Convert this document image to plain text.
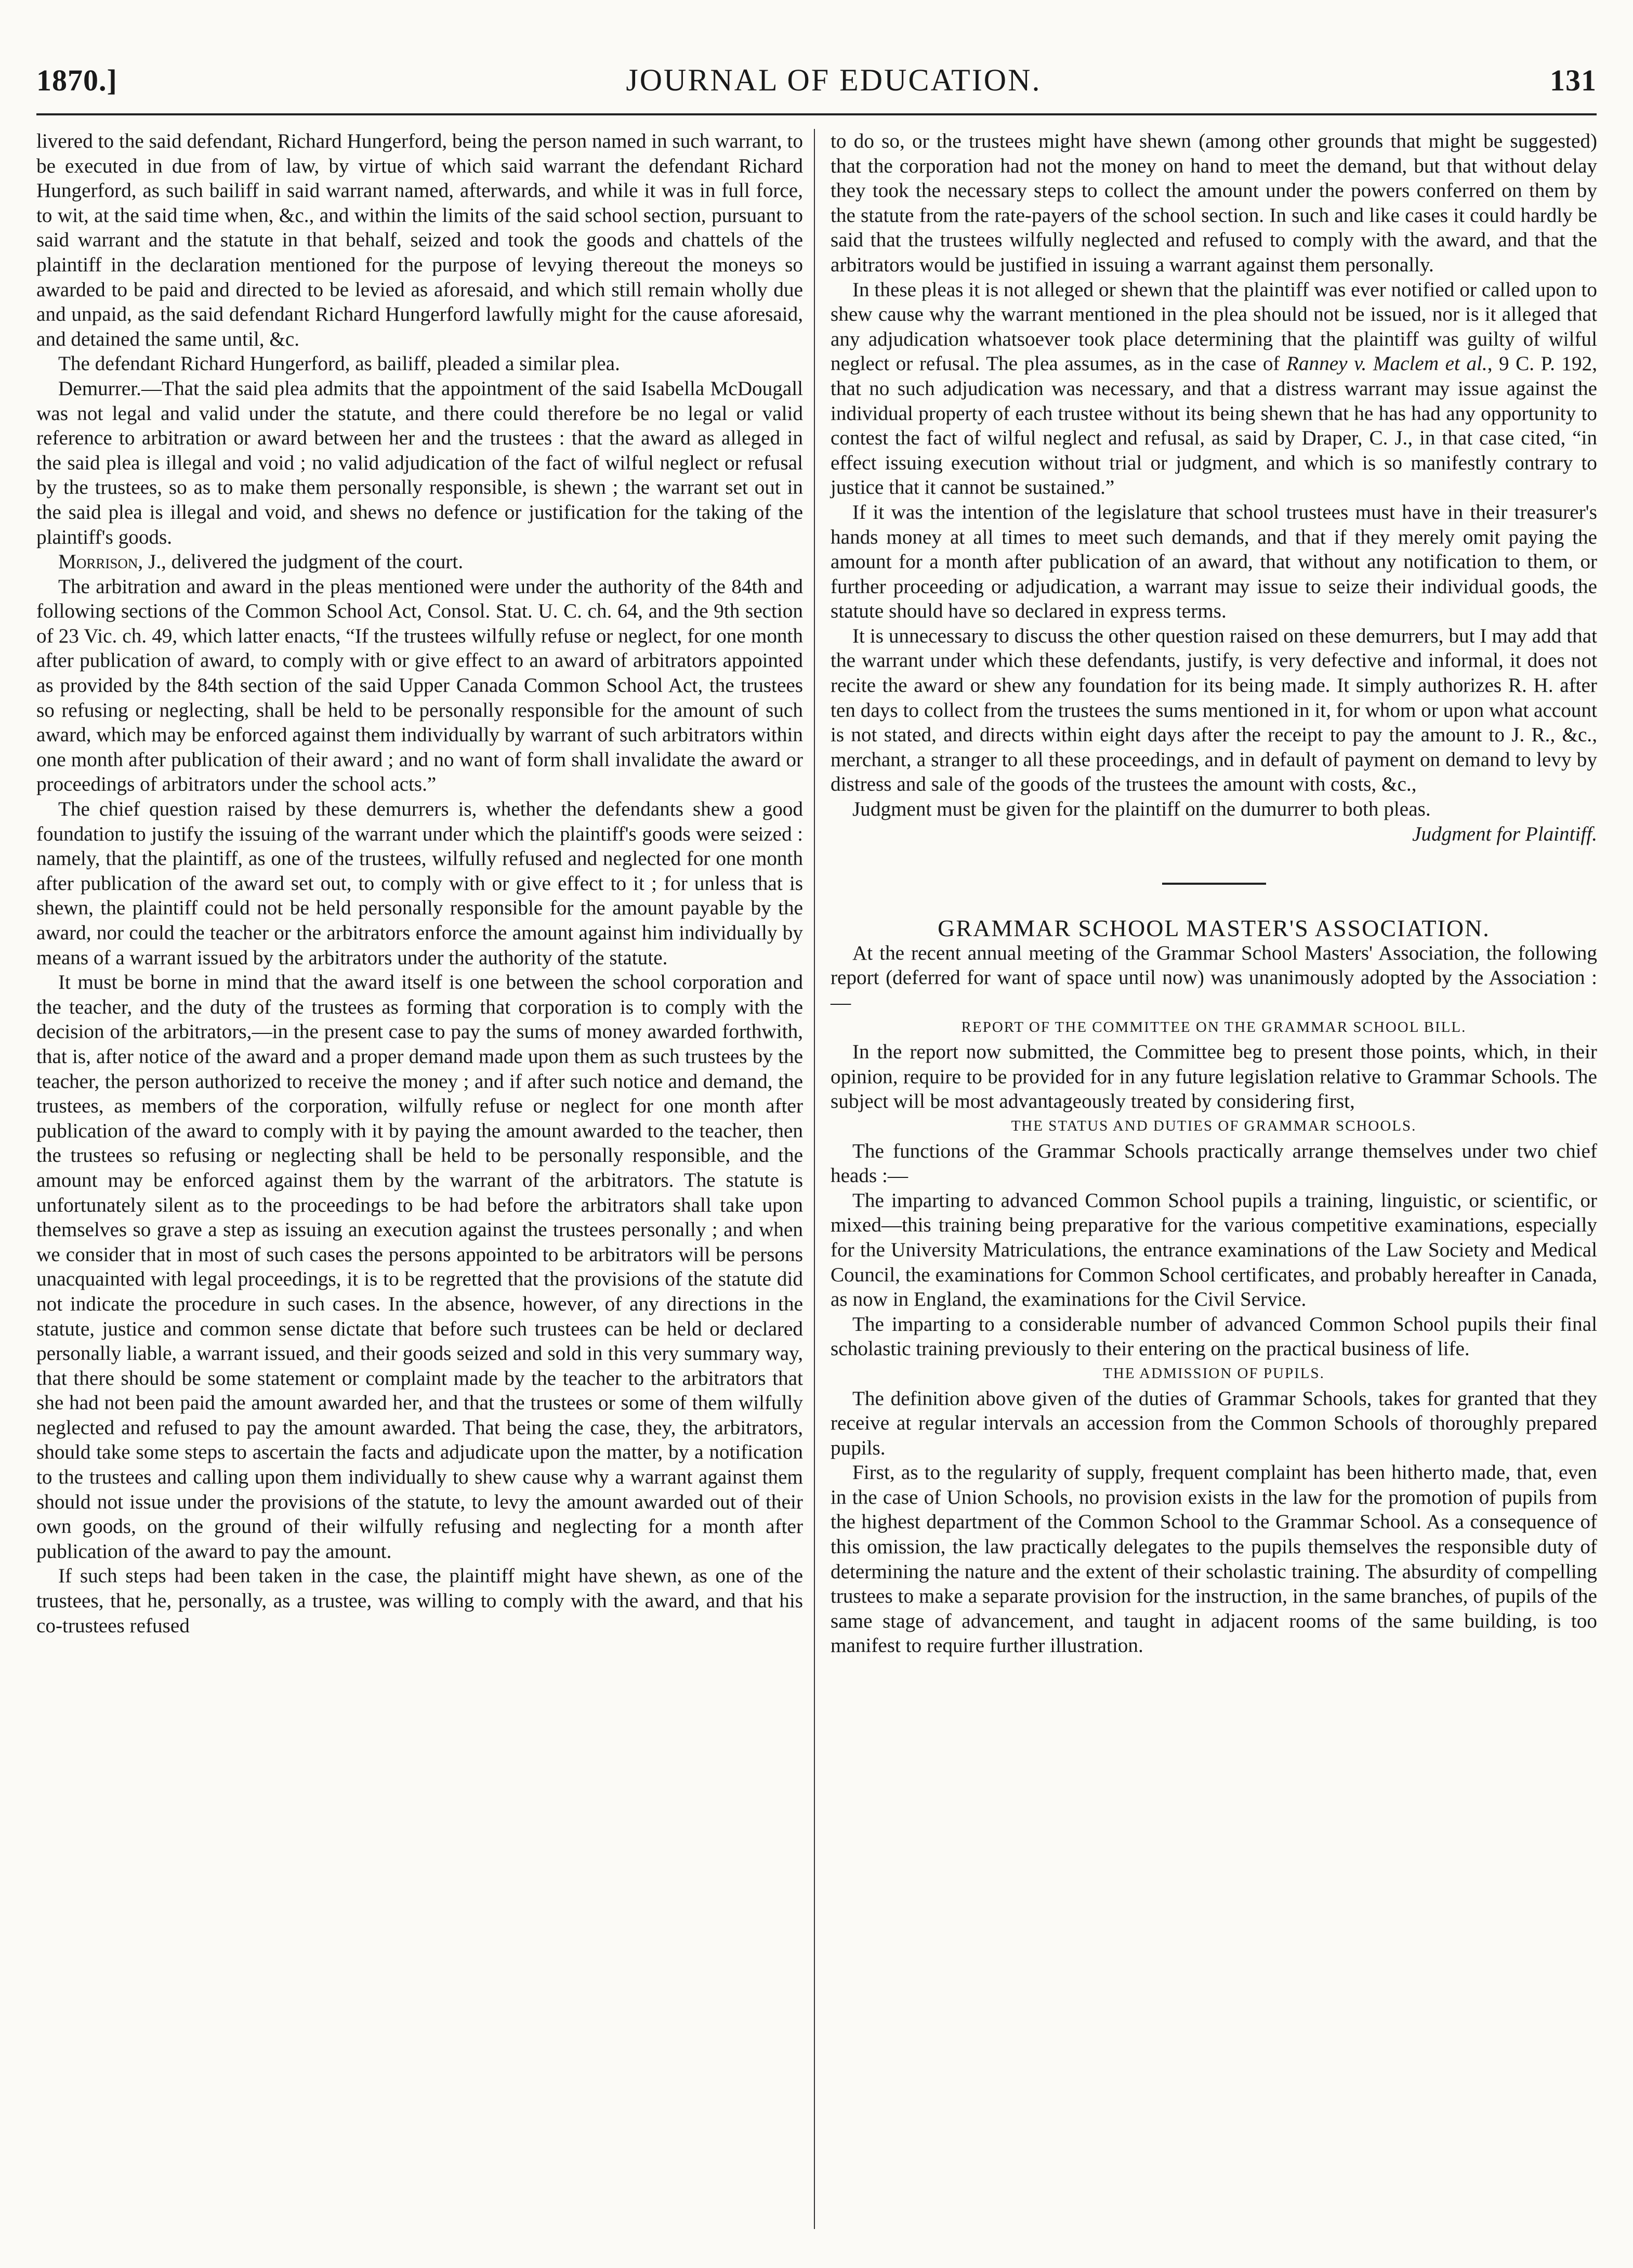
1870.]	JOURNAL OF EDUCATION.	131

livered to the said defendant, Richard Hungerford, being the person named in such warrant, to be executed in due from of law, by virtue of which said warrant the defendant Richard Hungerford, as such bailiff in said warrant named, afterwards, and while it was in full force, to wit, at the said time when, &c., and within the limits of the said school section, pursuant to said warrant and the statute in that behalf, seized and took the goods and chattels of the plaintiff in the declaration mentioned for the purpose of levying thereout the moneys so awarded to be paid and directed to be levied as aforesaid, and which still remain wholly due and unpaid, as the said defendant Richard Hungerford lawfully might for the cause aforesaid, and detained the same until, &c.

The defendant Richard Hungerford, as bailiff, pleaded a similar plea.

Demurrer.—That the said plea admits that the appointment of the said Isabella McDougall was not legal and valid under the statute, and there could therefore be no legal or valid reference to arbitration or award between her and the trustees : that the award as alleged in the said plea is illegal and void ; no valid adjudication of the fact of wilful neglect or refusal by the trustees, so as to make them personally responsible, is shewn ; the warrant set out in the said plea is illegal and void, and shews no defence or justification for the taking of the plaintiff's goods.

Morrison, J., delivered the judgment of the court.

The arbitration and award in the pleas mentioned were under the authority of the 84th and following sections of the Common School Act, Consol. Stat. U. C. ch. 64, and the 9th section of 23 Vic. ch. 49, which latter enacts, “If the trustees wilfully refuse or neglect, for one month after publication of award, to comply with or give effect to an award of arbitrators appointed as provided by the 84th section of the said Upper Canada Common School Act, the trustees so refusing or neglecting, shall be held to be personally responsible for the amount of such award, which may be enforced against them individually by warrant of such arbitrators within one month after publication of their award ; and no want of form shall invalidate the award or proceedings of arbitrators under the school acts.”

The chief question raised by these demurrers is, whether the defendants shew a good foundation to justify the issuing of the warrant under which the plaintiff's goods were seized : namely, that the plaintiff, as one of the trustees, wilfully refused and neglected for one month after publication of the award set out, to comply with or give effect to it ; for unless that is shewn, the plaintiff could not be held personally responsible for the amount payable by the award, nor could the teacher or the arbitrators enforce the amount against him individually by means of a warrant issued by the arbitrators under the authority of the statute.

It must be borne in mind that the award itself is one between the school corporation and the teacher, and the duty of the trustees as forming that corporation is to comply with the decision of the arbitrators,—in the present case to pay the sums of money awarded forthwith, that is, after notice of the award and a proper demand made upon them as such trustees by the teacher, the person authorized to receive the money ; and if after such notice and demand, the trustees, as members of the corporation, wilfully refuse or neglect for one month after publication of the award to comply with it by paying the amount awarded to the teacher, then the trustees so refusing or neglecting shall be held to be personally responsible, and the amount may be enforced against them by the warrant of the arbitrators. The statute is unfortunately silent as to the proceedings to be had before the arbitrators shall take upon themselves so grave a step as issuing an execution against the trustees personally ; and when we consider that in most of such cases the persons appointed to be arbitrators will be persons unacquainted with legal proceedings, it is to be regretted that the provisions of the statute did not indicate the procedure in such cases. In the absence, however, of any directions in the statute, justice and common sense dictate that before such trustees can be held or declared personally liable, a warrant issued, and their goods seized and sold in this very summary way, that there should be some statement or complaint made by the teacher to the arbitrators that she had not been paid the amount awarded her, and that the trustees or some of them wilfully neglected and refused to pay the amount awarded. That being the case, they, the arbitrators, should take some steps to ascertain the facts and adjudicate upon the matter, by a notification to the trustees and calling upon them individually to shew cause why a warrant against them should not issue under the provisions of the statute, to levy the amount awarded out of their own goods, on the ground of their wilfully refusing and neglecting for a month after publication of the award to pay the amount.

If such steps had been taken in the case, the plaintiff might have shewn, as one of the trustees, that he, personally, as a trustee, was willing to comply with the award, and that his co-trustees refused

to do so, or the trustees might have shewn (among other grounds that might be suggested) that the corporation had not the money on hand to meet the demand, but that without delay they took the necessary steps to collect the amount under the powers conferred on them by the statute from the rate-payers of the school section. In such and like cases it could hardly be said that the trustees wilfully neglected and refused to comply with the award, and that the arbitrators would be justified in issuing a warrant against them personally.

In these pleas it is not alleged or shewn that the plaintiff was ever notified or called upon to shew cause why the warrant mentioned in the plea should not be issued, nor is it alleged that any adjudication whatsoever took place determining that the plaintiff was guilty of wilful neglect or refusal. The plea assumes, as in the case of Ranney v. Maclem et al., 9 C. P. 192, that no such adjudication was necessary, and that a distress warrant may issue against the individual property of each trustee without its being shewn that he has had any opportunity to contest the fact of wilful neglect and refusal, as said by Draper, C. J., in that case cited, “in effect issuing execution without trial or judgment, and which is so manifestly contrary to justice that it cannot be sustained.”

If it was the intention of the legislature that school trustees must have in their treasurer's hands money at all times to meet such demands, and that if they merely omit paying the amount for a month after publication of an award, that without any notification to them, or further proceeding or adjudication, a warrant may issue to seize their individual goods, the statute should have so declared in express terms.

It is unnecessary to discuss the other question raised on these demurrers, but I may add that the warrant under which these defendants, justify, is very defective and informal, it does not recite the award or shew any foundation for its being made. It simply authorizes R. H. after ten days to collect from the trustees the sums mentioned in it, for whom or upon what account is not stated, and directs within eight days after the receipt to pay the amount to J. R., &c., merchant, a stranger to all these proceedings, and in default of payment on demand to levy by distress and sale of the goods of the trustees the amount with costs, &c.,

Judgment must be given for the plaintiff on the dumurrer to both pleas.

Judgment for Plaintiff.

GRAMMAR SCHOOL MASTER'S ASSOCIATION.

At the recent annual meeting of the Grammar School Masters' Association, the following report (deferred for want of space until now) was unanimously adopted by the Association :—

REPORT OF THE COMMITTEE ON THE GRAMMAR SCHOOL BILL.

In the report now submitted, the Committee beg to present those points, which, in their opinion, require to be provided for in any future legislation relative to Grammar Schools. The subject will be most advantageously treated by considering first,

THE STATUS AND DUTIES OF GRAMMAR SCHOOLS.

The functions of the Grammar Schools practically arrange themselves under two chief heads :—

The imparting to advanced Common School pupils a training, linguistic, or scientific, or mixed—this training being preparative for the various competitive examinations, especially for the University Matriculations, the entrance examinations of the Law Society and Medical Council, the examinations for Common School certificates, and probably hereafter in Canada, as now in England, the examinations for the Civil Service.

The imparting to a considerable number of advanced Common School pupils their final scholastic training previously to their entering on the practical business of life.

THE ADMISSION OF PUPILS.

The definition above given of the duties of Grammar Schools, takes for granted that they receive at regular intervals an accession from the Common Schools of thoroughly prepared pupils.

First, as to the regularity of supply, frequent complaint has been hitherto made, that, even in the case of Union Schools, no provision exists in the law for the promotion of pupils from the highest department of the Common School to the Grammar School. As a consequence of this omission, the law practically delegates to the pupils themselves the responsible duty of determining the nature and the extent of their scholastic training. The absurdity of compelling trustees to make a separate provision for the instruction, in the same branches, of pupils of the same stage of advancement, and taught in adjacent rooms of the same building, is too manifest to require further illustration.
